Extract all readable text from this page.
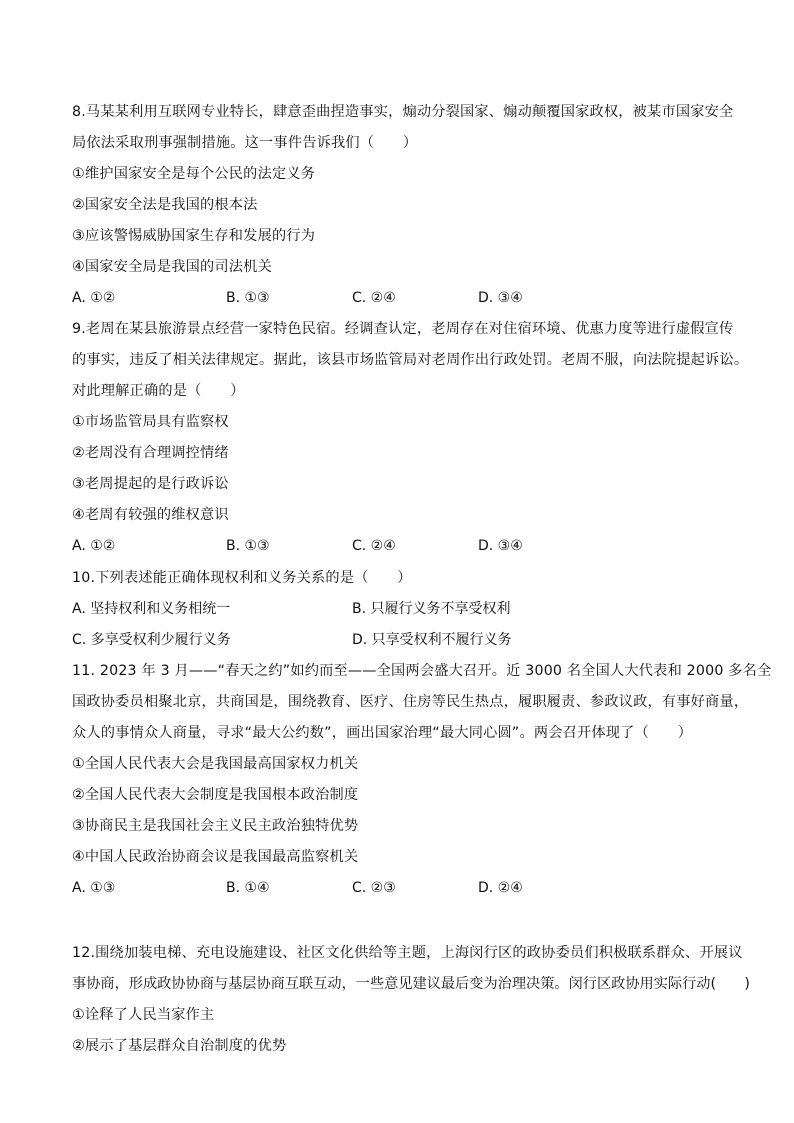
8.马某某利用互联网专业特长，肆意歪曲捏造事实，煽动分裂国家、煽动颠覆国家政权，被某市国家安全
局依法采取刑事强制措施。这一事件告诉我们（　　）
①维护国家安全是每个公民的法定义务
②国家安全法是我国的根本法
③应该警惕威胁国家生存和发展的行为
④国家安全局是我国的司法机关
A. ①②	B. ①③	C. ②④	D. ③④
9.老周在某县旅游景点经营一家特色民宿。经调查认定，老周存在对住宿环境、优惠力度等进行虚假宣传
的事实，违反了相关法律规定。据此，该县市场监管局对老周作出行政处罚。老周不服，向法院提起诉讼。
对此理解正确的是（　　）
①市场监管局具有监察权
②老周没有合理调控情绪
③老周提起的是行政诉讼
④老周有较强的维权意识
A. ①②	B. ①③	C. ②④	D. ③④
10.下列表述能正确体现权利和义务关系的是（　　）
A. 坚持权利和义务相统一	B. 只履行义务不享受权利
C. 多享受权利少履行义务	D. 只享受权利不履行义务
11. 2023 年 3 月——“春天之约”如约而至——全国两会盛大召开。近 3000 名全国人大代表和 2000 多名全
国政协委员相聚北京，共商国是，围绕教育、医疗、住房等民生热点，履职履责、参政议政，有事好商量，
众人的事情众人商量，寻求“最大公约数”，画出国家治理“最大同心圆”。两会召开体现了（　　）
①全国人民代表大会是我国最高国家权力机关
②全国人民代表大会制度是我国根本政治制度
③协商民主是我国社会主义民主政治独特优势
④中国人民政治协商会议是我国最高监察机关
A. ①③	B. ①④	C. ②③	D. ②④
12.围绕加装电梯、充电设施建设、社区文化供给等主题，上海闵行区的政协委员们积极联系群众、开展议
事协商，形成政协协商与基层协商互联互动，一些意见建议最后变为治理决策。闵行区政协用实际行动(　　)
①诠释了人民当家作主
②展示了基层群众自治制度的优势
